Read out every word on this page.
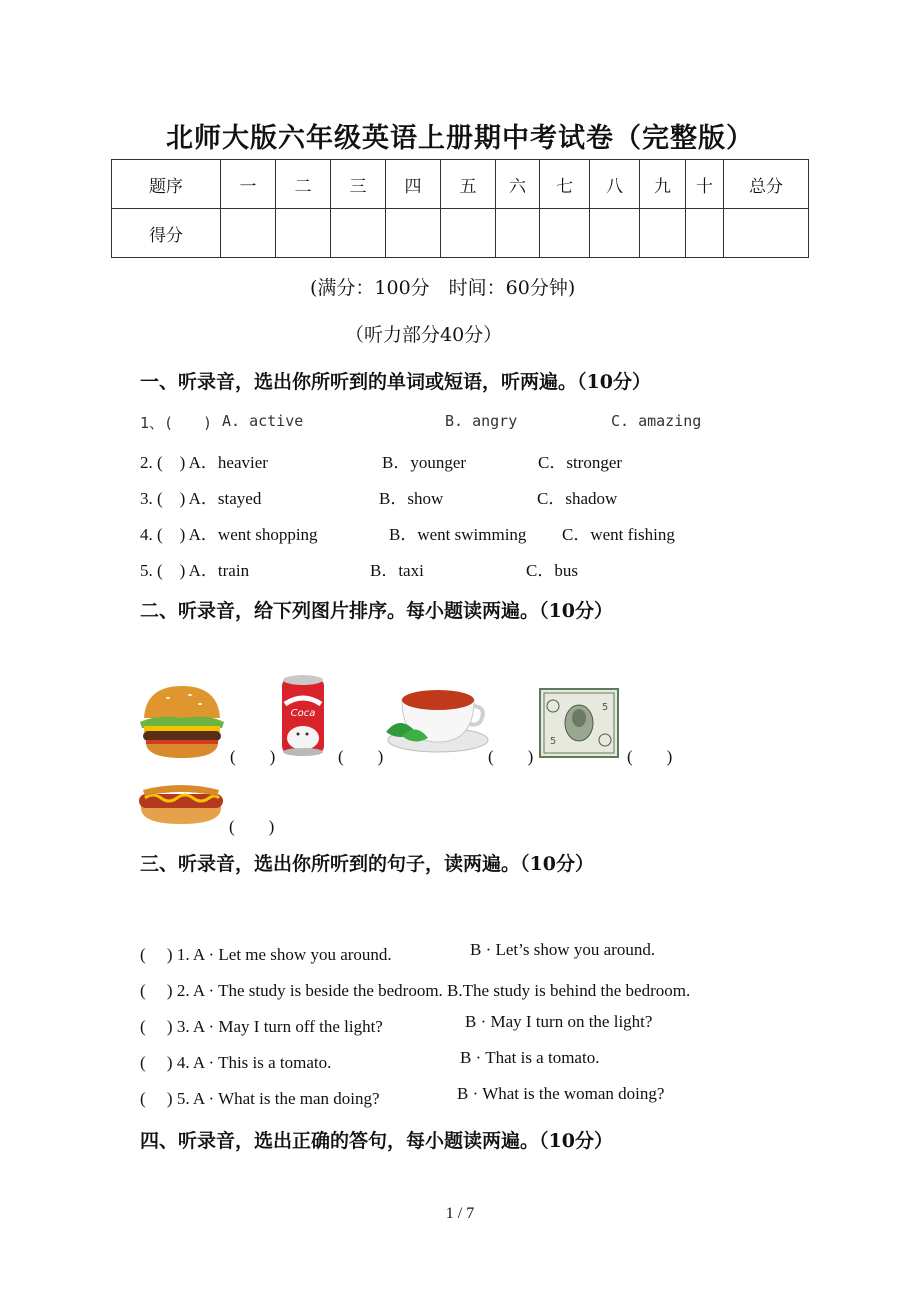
北师大版六年级英语上册期中考试卷（完整版）
题序	一	二	三	四	五	六	七	八	九	十	总分
得分											
(满分：100分　时间：60分钟)
（听力部分40分）
一、听录音，选出你所听到的单词或短语，听两遍。（10分）
1、(　　) A. active	B. angry	C. amazing
2. (　) A．heavier	B．younger	C．stronger
3. (　) A．stayed	B．show	C．shadow
4. (　) A．went shopping	B．went swimming C．went fishing
5. (　) A．train	B．taxi	C．bus
二、听录音，给下列图片排序。每小题读两遍。（10分）
(　　)
Coca
(　　)	(　　)
5
5
(　　)
(　　)
三、听录音，选出你所听到的句子，读两遍。（10分）
(　 ) 1. A · Let me show you around.	B · Let’s show you around.
(　 ) 2. A · The study is beside the bedroom. B.The study is behind the bedroom.
(　 ) 3. A · May I turn off the light?	B · May I turn on the light?
(　 ) 4. A · This is a tomato.	B · That is a tomato.
(　 ) 5. A · What is the man doing?	B · What is the woman doing?
四、听录音，选出正确的答句，每小题读两遍。（10分）
1 / 7
